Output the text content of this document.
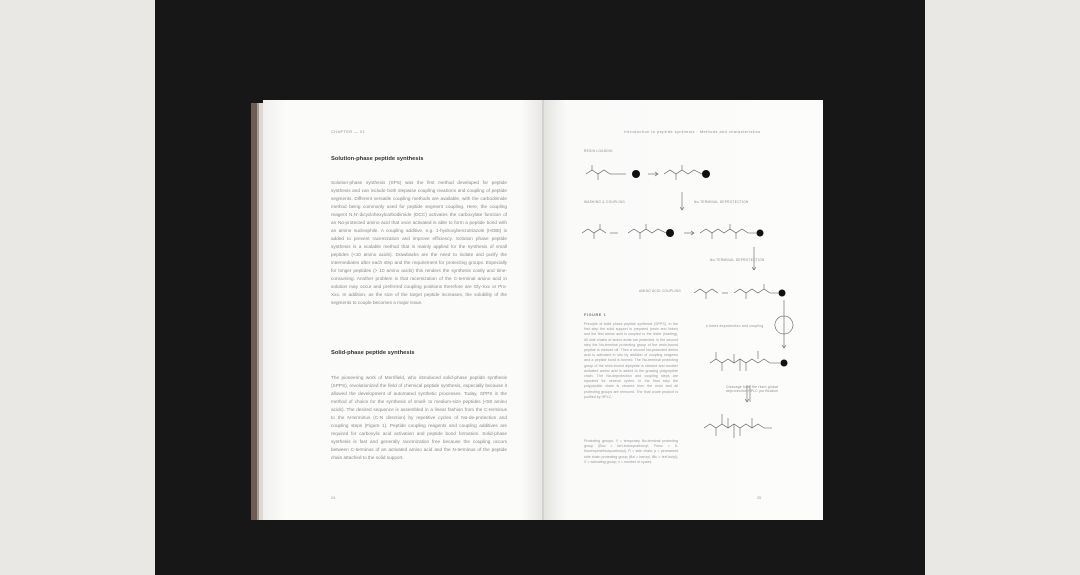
CHAPTER — 01
Solution-phase peptide synthesis
Solution-phase synthesis (SPS) was the first method developed for peptide synthesis and can include both stepwise coupling reactions and coupling of peptide segments. Different versatile coupling methods are available, with the carbodiimide method being commonly used for peptide segment coupling. Here, the coupling reagent N,N'-dicyclohexylcarbodiimide (DCC) activates the carboxylate function of an Nα-protected amino acid that once activated is able to form a peptide bond with an amine nucleophile. A coupling additive, e.g. 1-hydroxybenzotriazole (HOBt) is added to prevent racemization and improve efficiency. Solution phase peptide synthesis is a scalable method that is mainly applied for the synthesis of small peptides (<10 amino acids). Drawbacks are the need to isolate and purify the intermediates after each step and the requirement for protecting groups. Especially for longer peptides (> 10 amino acids) this renders the synthesis costly and time-consuming. Another problem is that racemization of the C-terminal amino acid in solution may occur and preferred coupling positions therefore are Gly-Xxx or Pro-Xxx. In addition, as the size of the target peptide increases, the solubility of the segments to couple becomes a major issue.
Solid-phase peptide synthesis
The pioneering work of Merrifield, who introduced solid-phase peptide synthesis (SPPS), revolutionized the field of chemical peptide synthesis, especially because it allowed the development of automated synthetic processes. Today, SPPS is the method of choice for the synthesis of small- to medium-size peptides (<50 amino acids). The desired sequence is assembled in a linear fashion from the C-terminus to the N-terminus (C-N direction) by repetitive cycles of Nα-de-protection and coupling steps (Figure 1). Peptide coupling reagents and coupling additives are required for carboxylic acid activation and peptide bond formation. Solid-phase synthesis is fast and generally racemization free because the coupling occurs between C-terminus of an activated amino acid and the N-terminus of the peptide chain attached to the solid support.
24
Introduction to peptide synthesis · Methods and characteristics
RESIN LOADING
WASHING & COUPLING	Nα-TERMINAL DEPROTECTION
Nα-TERMINAL DEPROTECTION
AMINO ACID COUPLING
n times deprotection and coupling
Cleavage from the resin global deprotection HPLC purification
FIGURE 1
Principle of solid phase peptide synthesis (SPPS). In the first step the solid support is prepared (resin and linker) and the first amino acid is coupled to the linker (loading). All side chains of amino acids are protected. In the second step the Nα-terminal protecting group of the resin-bound peptide is cleaved off. Then a second Nα-protected amino acid is activated in situ by addition of coupling reagents and a peptide bond is formed. The Nα-terminal protecting group of the resin-bound dipeptide is cleaved and another activated amino acid is added to the growing polypeptide chain. The Nα-deprotection and coupling steps are repeated for several cycles. In the final step the polypeptide chain is cleaved from the resin and all protecting groups are removed. The final crude product is purified by HPLC.
Protecting groups: Y = temporary Nα-terminal protecting group (Boc = tert-butoxycarbonyl, Fmoc = 9-fluorenylmethoxycarbonyl); R = side chain; p = permanent side chain protecting group (Bzl = benzyl, tBu = tert-butyl); X = activating group; n = number of cycles.
25
